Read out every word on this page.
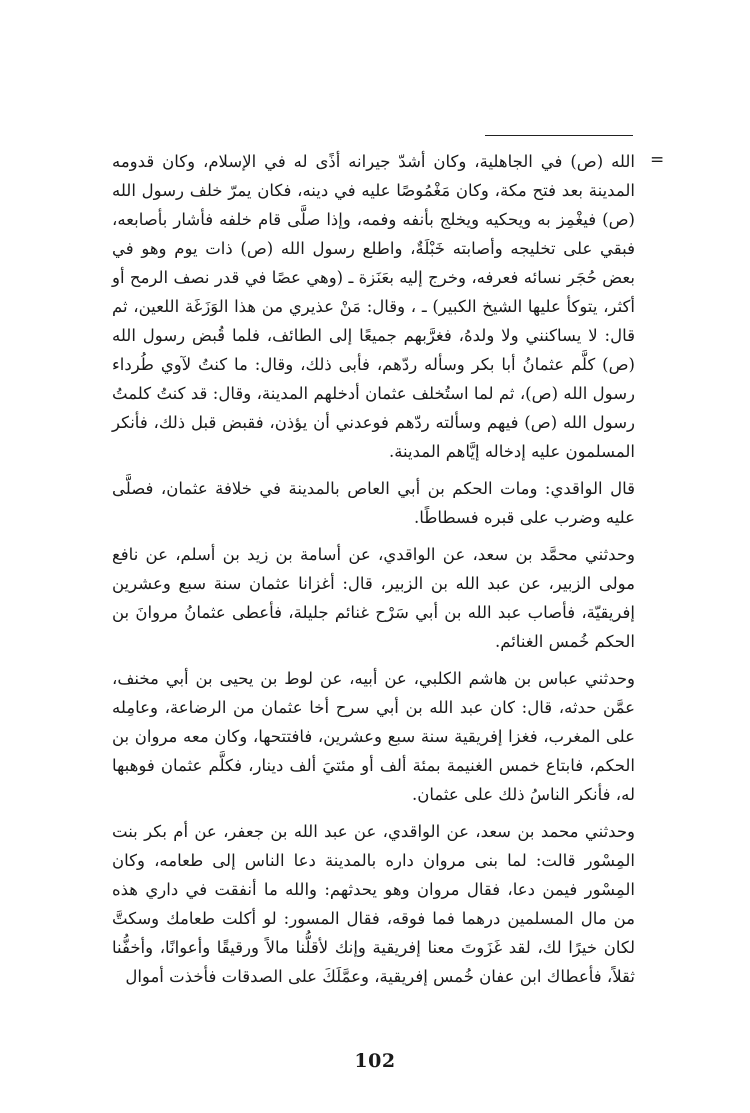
=

الله (ص) في الجاهلية، وكان أشدّ جيرانه أذًى له في الإسلام، وكان قدومه المدينة بعد فتح مكة، وكان مَغْمُوصًا عليه في دينه، فكان يمرّ خلف رسول الله (ص) فيغْمِز به ويحكيه ويخلج بأنفه وفمه، وإذا صلَّى قام خلفه فأشار بأصابعه، فبقي على تخليجه وأصابته خَبْلَةٌ، واطلع رسول الله (ص) ذات يوم وهو في بعض حُجَر نسائه فعرفه، وخرج إليه بعَنَزة ـ (وهي عصًا في قدر نصف الرمح أو أكثر، يتوكأ عليها الشيخ الكبير) ـ ، وقال: مَنْ عذيري من هذا الوَزَغَة اللعين، ثم قال: لا يساكنني ولا ولدهُ، فغرَّبهم جميعًا إلى الطائف، فلما قُبض رسول الله (ص) كلَّم عثمانُ أبا بكر وسأله ردّهم، فأبى ذلك، وقال: ما كنتُ لآوي طُرداء رسول الله (ص)، ثم لما استُخلف عثمان أدخلهم المدينة، وقال: قد كنتُ كلمتُ رسول الله (ص) فيهم وسألته ردّهم فوعدني أن يؤذن، فقبض قبل ذلك، فأنكر المسلمون عليه إدخاله إيَّاهم المدينة.

قال الواقدي: ومات الحكم بن أبي العاص بالمدينة في خلافة عثمان، فصلَّى عليه وضرب على قبره فسطاطًا.

وحدثني محمَّد بن سعد، عن الواقدي، عن أسامة بن زيد بن أسلم، عن نافع مولى الزبير، عن عبد الله بن الزبير، قال: أغزانا عثمان سنة سبع وعشرين إفريقيّة، فأصاب عبد الله بن أبي سَرْح غنائم جليلة، فأعطى عثمانُ مروانَ بن الحكم خُمس الغنائم.

وحدثني عباس بن هاشم الكلبي، عن أبيه، عن لوط بن يحيى بن أبي مخنف، عمَّن حدثه، قال: كان عبد الله بن أبي سرح أخا عثمان من الرضاعة، وعامِله على المغرب، فغزا إفريقية سنة سبع وعشرين، فافتتحها، وكان معه مروان بن الحكم، فابتاع خمس الغنيمة بمئة ألف أو مئتيَ ألف دينار، فكلَّم عثمان فوهبها له، فأنكر الناسُ ذلك على عثمان.

وحدثني محمد بن سعد، عن الواقدي، عن عبد الله بن جعفر، عن أم بكر بنت المِسْور قالت: لما بنى مروان داره بالمدينة دعا الناس إلى طعامه، وكان المِسْور فيمن دعا، فقال مروان وهو يحدثهم: والله ما أنفقت في داري هذه من مال المسلمين درهما فما فوقه، فقال المسور: لو أكلت طعامك وسكتَّ لكان خيرًا لك، لقد غَزَوتَ معنا إفريقية وإنك لأقلُّنا مالاً ورقيقًا وأعوانًا، وأخفُّنا ثقلاً، فأعطاك ابن عفان خُمس إفريقية، وعمَّلَكَ على الصدقات فأخذت أموال

102
